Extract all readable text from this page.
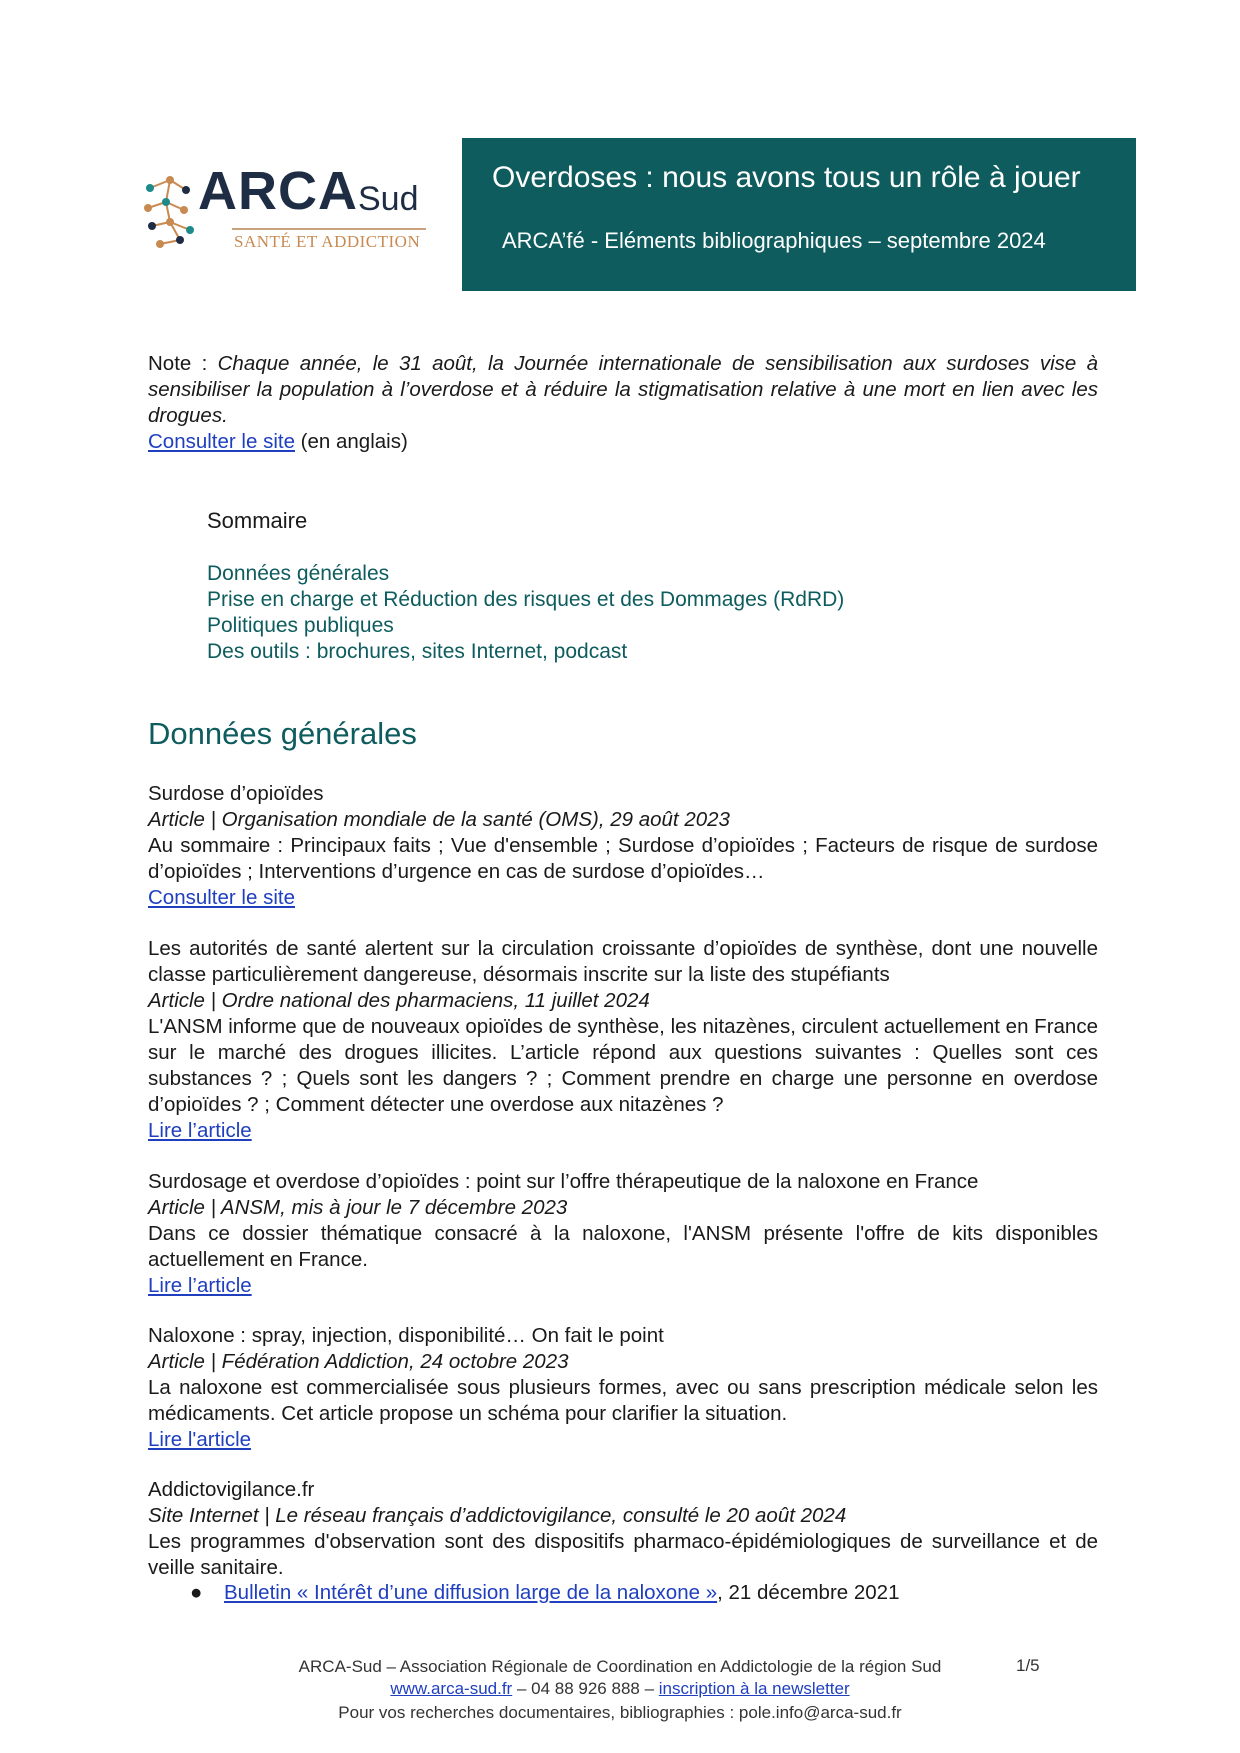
ARCA Sud
SANTÉ ET ADDICTION
Overdoses : nous avons tous un rôle à jouer
ARCA’fé - Eléments bibliographiques – septembre 2024
Note : Chaque année, le 31 août, la Journée internationale de sensibilisation aux surdoses vise à sensibiliser la population à l’overdose et à réduire la stigmatisation relative à une mort en lien avec les drogues.
Consulter le site (en anglais)
Sommaire
Données générales
Prise en charge et Réduction des risques et des Dommages (RdRD)
Politiques publiques
Des outils : brochures, sites Internet, podcast
Données générales
Surdose d’opioïdes
Article | Organisation mondiale de la santé (OMS), 29 août 2023
Au sommaire : Principaux faits ; Vue d'ensemble ; Surdose d’opioïdes ; Facteurs de risque de surdose d’opioïdes ; Interventions d’urgence en cas de surdose d’opioïdes…
Consulter le site
Les autorités de santé alertent sur la circulation croissante d’opioïdes de synthèse, dont une nouvelle classe particulièrement dangereuse, désormais inscrite sur la liste des stupéfiants
Article | Ordre national des pharmaciens, 11 juillet 2024
L'ANSM informe que de nouveaux opioïdes de synthèse, les nitazènes, circulent actuellement en France sur le marché des drogues illicites. L’article répond aux questions suivantes : Quelles sont ces substances ? ; Quels sont les dangers ? ; Comment prendre en charge une personne en overdose d’opioïdes ? ; Comment détecter une overdose aux nitazènes ?
Lire l’article
Surdosage et overdose d’opioïdes : point sur l’offre thérapeutique de la naloxone en France
Article | ANSM, mis à jour le 7 décembre 2023
Dans ce dossier thématique consacré à la naloxone, l'ANSM présente l'offre de kits disponibles actuellement en France.
Lire l’article
Naloxone : spray, injection, disponibilité… On fait le point
Article | Fédération Addiction, 24 octobre 2023
La naloxone est commercialisée sous plusieurs formes, avec ou sans prescription médicale selon les médicaments. Cet article propose un schéma pour clarifier la situation.
Lire l'article
Addictovigilance.fr
Site Internet | Le réseau français d’addictovigilance, consulté le 20 août 2024
Les programmes d'observation sont des dispositifs pharmaco-épidémiologiques de surveillance et de veille sanitaire.
● Bulletin « Intérêt d’une diffusion large de la naloxone », 21 décembre 2021
ARCA-Sud – Association Régionale de Coordination en Addictologie de la région Sud	1/5
www.arca-sud.fr – 04 88 926 888 – inscription à la newsletter
Pour vos recherches documentaires, bibliographies : pole.info@arca-sud.fr
